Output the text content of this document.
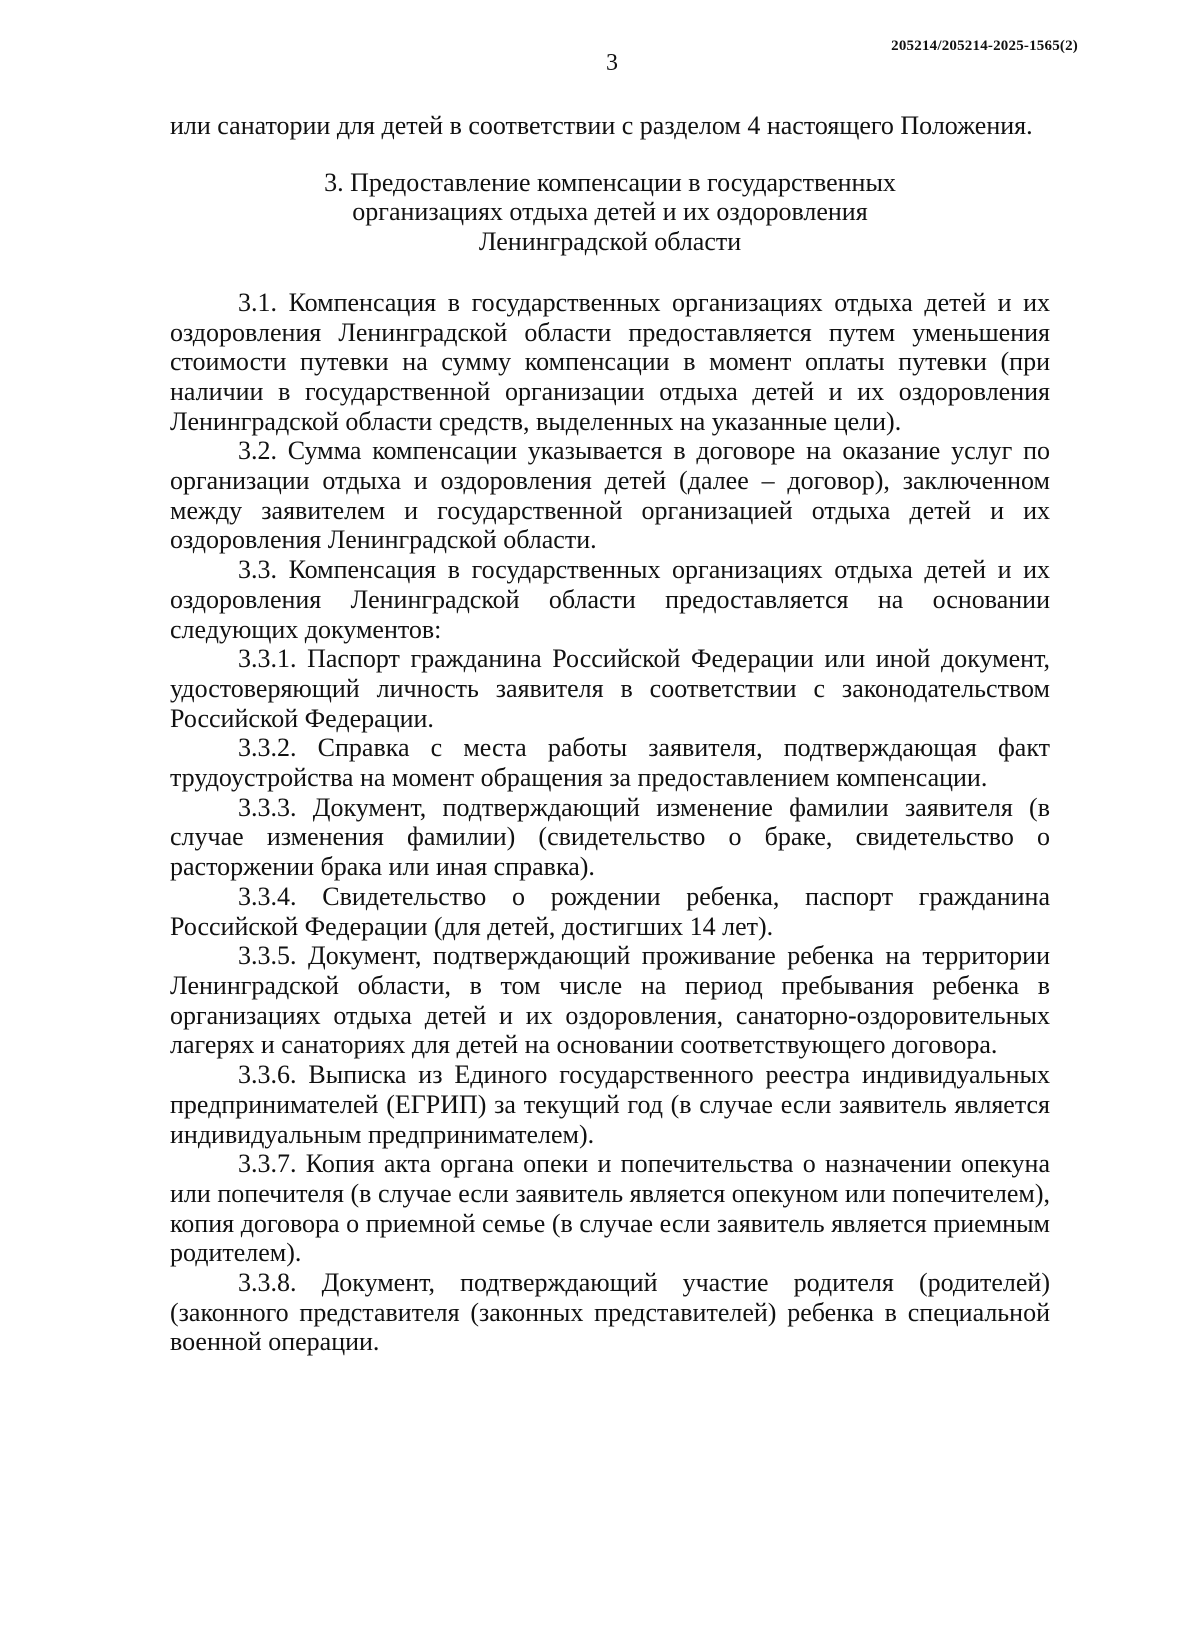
205214/205214-2025-1565(2)
3

или санатории для детей в соответствии с разделом 4 настоящего Положения.

3. Предоставление компенсации в государственных
организациях отдыха детей и их оздоровления
Ленинградской области

3.1. Компенсация в государственных организациях отдыха детей и их оздоровления Ленинградской области предоставляется путем уменьшения стоимости путевки на сумму компенсации в момент оплаты путевки (при наличии в государственной организации отдыха детей и их оздоровления Ленинградской области средств, выделенных на указанные цели).

3.2. Сумма компенсации указывается в договоре на оказание услуг по организации отдыха и оздоровления детей (далее – договор), заключенном между заявителем и государственной организацией отдыха детей и их оздоровления Ленинградской области.

3.3. Компенсация в государственных организациях отдыха детей и их оздоровления Ленинградской области предоставляется на основании следующих документов:

3.3.1. Паспорт гражданина Российской Федерации или иной документ, удостоверяющий личность заявителя в соответствии с законодательством Российской Федерации.

3.3.2. Справка с места работы заявителя, подтверждающая факт трудоустройства на момент обращения за предоставлением компенсации.

3.3.3. Документ, подтверждающий изменение фамилии заявителя (в случае изменения фамилии) (свидетельство о браке, свидетельство о расторжении брака или иная справка).

3.3.4. Свидетельство о рождении ребенка, паспорт гражданина Российской Федерации (для детей, достигших 14 лет).

3.3.5. Документ, подтверждающий проживание ребенка на территории Ленинградской области, в том числе на период пребывания ребенка в организациях отдыха детей и их оздоровления, санаторно-оздоровительных лагерях и санаториях для детей на основании соответствующего договора.

3.3.6. Выписка из Единого государственного реестра индивидуальных предпринимателей (ЕГРИП) за текущий год (в случае если заявитель является индивидуальным предпринимателем).

3.3.7. Копия акта органа опеки и попечительства о назначении опекуна или попечителя (в случае если заявитель является опекуном или попечителем), копия договора о приемной семье (в случае если заявитель является приемным родителем).

3.3.8. Документ, подтверждающий участие родителя (родителей) (законного представителя (законных представителей) ребенка в специальной военной операции.
